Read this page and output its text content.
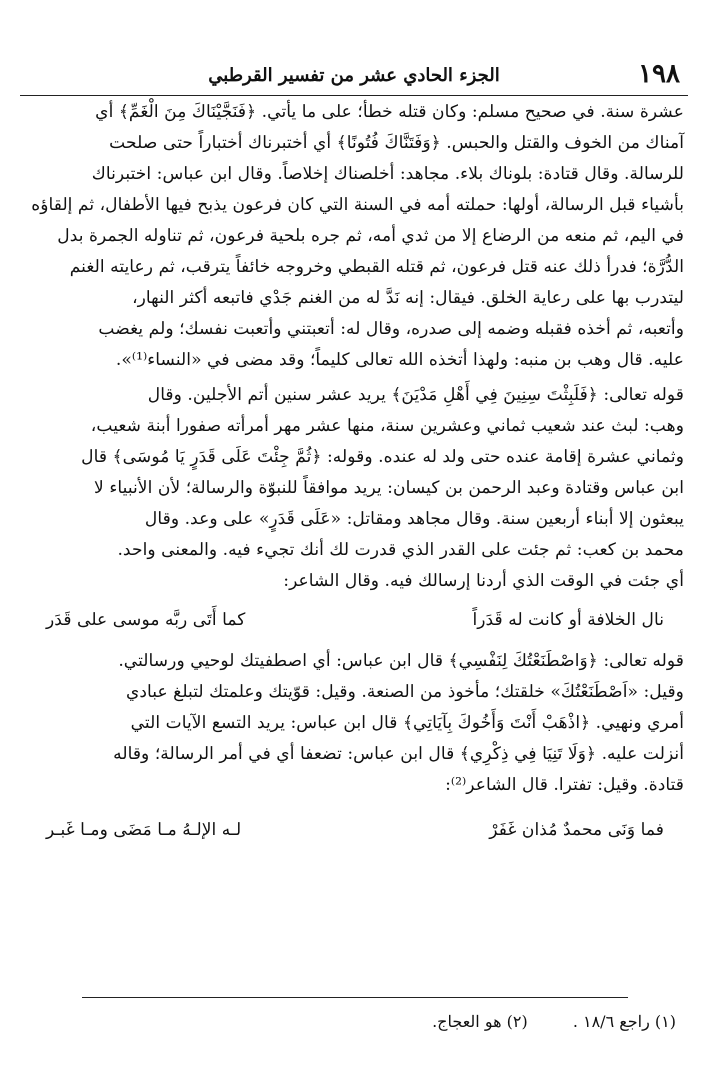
١٩٨
الجزء الحادي عشر من تفسير القرطبي

عشرة سنة. في صحيح مسلم: وكان قتله خطأ؛ على ما يأتي. ﴿فَنَجَّيْنَاكَ مِنَ الْغَمِّ﴾ أي

آمناك من الخوف والقتل والحبس. ﴿وَفَتَنَّاكَ فُتُونًا﴾ أي أختبرناك أختباراً حتى صلحت

للرسالة. وقال قتادة: بلوناك بلاء. مجاهد: أخلصناك إخلاصاً. وقال ابن عباس: اختبرناك

بأشياء قبل الرسالة، أولها: حملته أمه في السنة التي كان فرعون يذبح فيها الأطفال، ثم إلقاؤه

في اليم، ثم منعه من الرضاع إلا من ثدي أمه، ثم جره بلحية فرعون، ثم تناوله الجمرة بدل

الدُّرَّة؛ فدرأ ذلك عنه قتل فرعون، ثم قتله القبطي وخروجه خائفاً يترقب، ثم رعايته الغنم

ليتدرب بها على رعاية الخلق. فيقال: إنه نَدَّ له من الغنم جَدْي فاتبعه أكثر النهار،

وأتعبه، ثم أخذه فقبله وضمه إلى صدره، وقال له: أتعبتني وأتعبت نفسك؛ ولم يغضب

عليه. قال وهب بن منبه: ولهذا أتخذه الله تعالى كليماً؛ وقد مضى في «النساء⁽¹⁾».

قوله تعالى: ﴿فَلَبِثْتَ سِنِينَ فِي أَهْلِ مَدْيَنَ﴾ يريد عشر سنين أتم الأجلين. وقال

وهب: لبث عند شعيب ثماني وعشرين سنة، منها عشر مهر أمرأته صفورا أبنة شعيب،

وثماني عشرة إقامة عنده حتى ولد له عنده. وقوله: ﴿ثُمَّ جِئْتَ عَلَى قَدَرٍ يَا مُوسَى﴾ قال

ابن عباس وقتادة وعبد الرحمن بن كيسان: يريد موافقاً للنبوّة والرسالة؛ لأن الأنبياء لا

يبعثون إلا أبناء أربعين سنة. وقال مجاهد ومقاتل: «عَلَى قَدَرٍ» على وعد. وقال

محمد بن كعب: ثم جئت على القدر الذي قدرت لك أنك تجيء فيه. والمعنى واحد.

أي جئت في الوقت الذي أردنا إرسالك فيه. وقال الشاعر:

نال الخلافة أو كانت له قَدَراً
كما أَتَى ربَّه موسى على قَدَر

قوله تعالى: ﴿وَاصْطَنَعْتُكَ لِنَفْسِي﴾ قال ابن عباس: أي اصطفيتك لوحيي ورسالتي.

وقيل: «اَصْطَنَعْتُكَ» خلقتك؛ مأخوذ من الصنعة. وقيل: قوّيتك وعلمتك لتبلغ عبادي

أمري ونهيي. ﴿اذْهَبْ أَنْتَ وَأَخُوكَ بِآيَاتِي﴾ قال ابن عباس: يريد التسع الآيات التي

أنزلت عليه. ﴿وَلَا تَنِيَا فِي ذِكْرِي﴾ قال ابن عباس: تضعفا أي في أمر الرسالة؛ وقاله

قتادة. وقيل: تفترا. قال الشاعر⁽²⁾:

فما وَنَى محمدٌ مُذان غَفَرْ
لـه الإلـهُ مـا مَضَى ومـا غَبـر
(١) راجع ١٨/٦ . (٢) هو العجاج.
